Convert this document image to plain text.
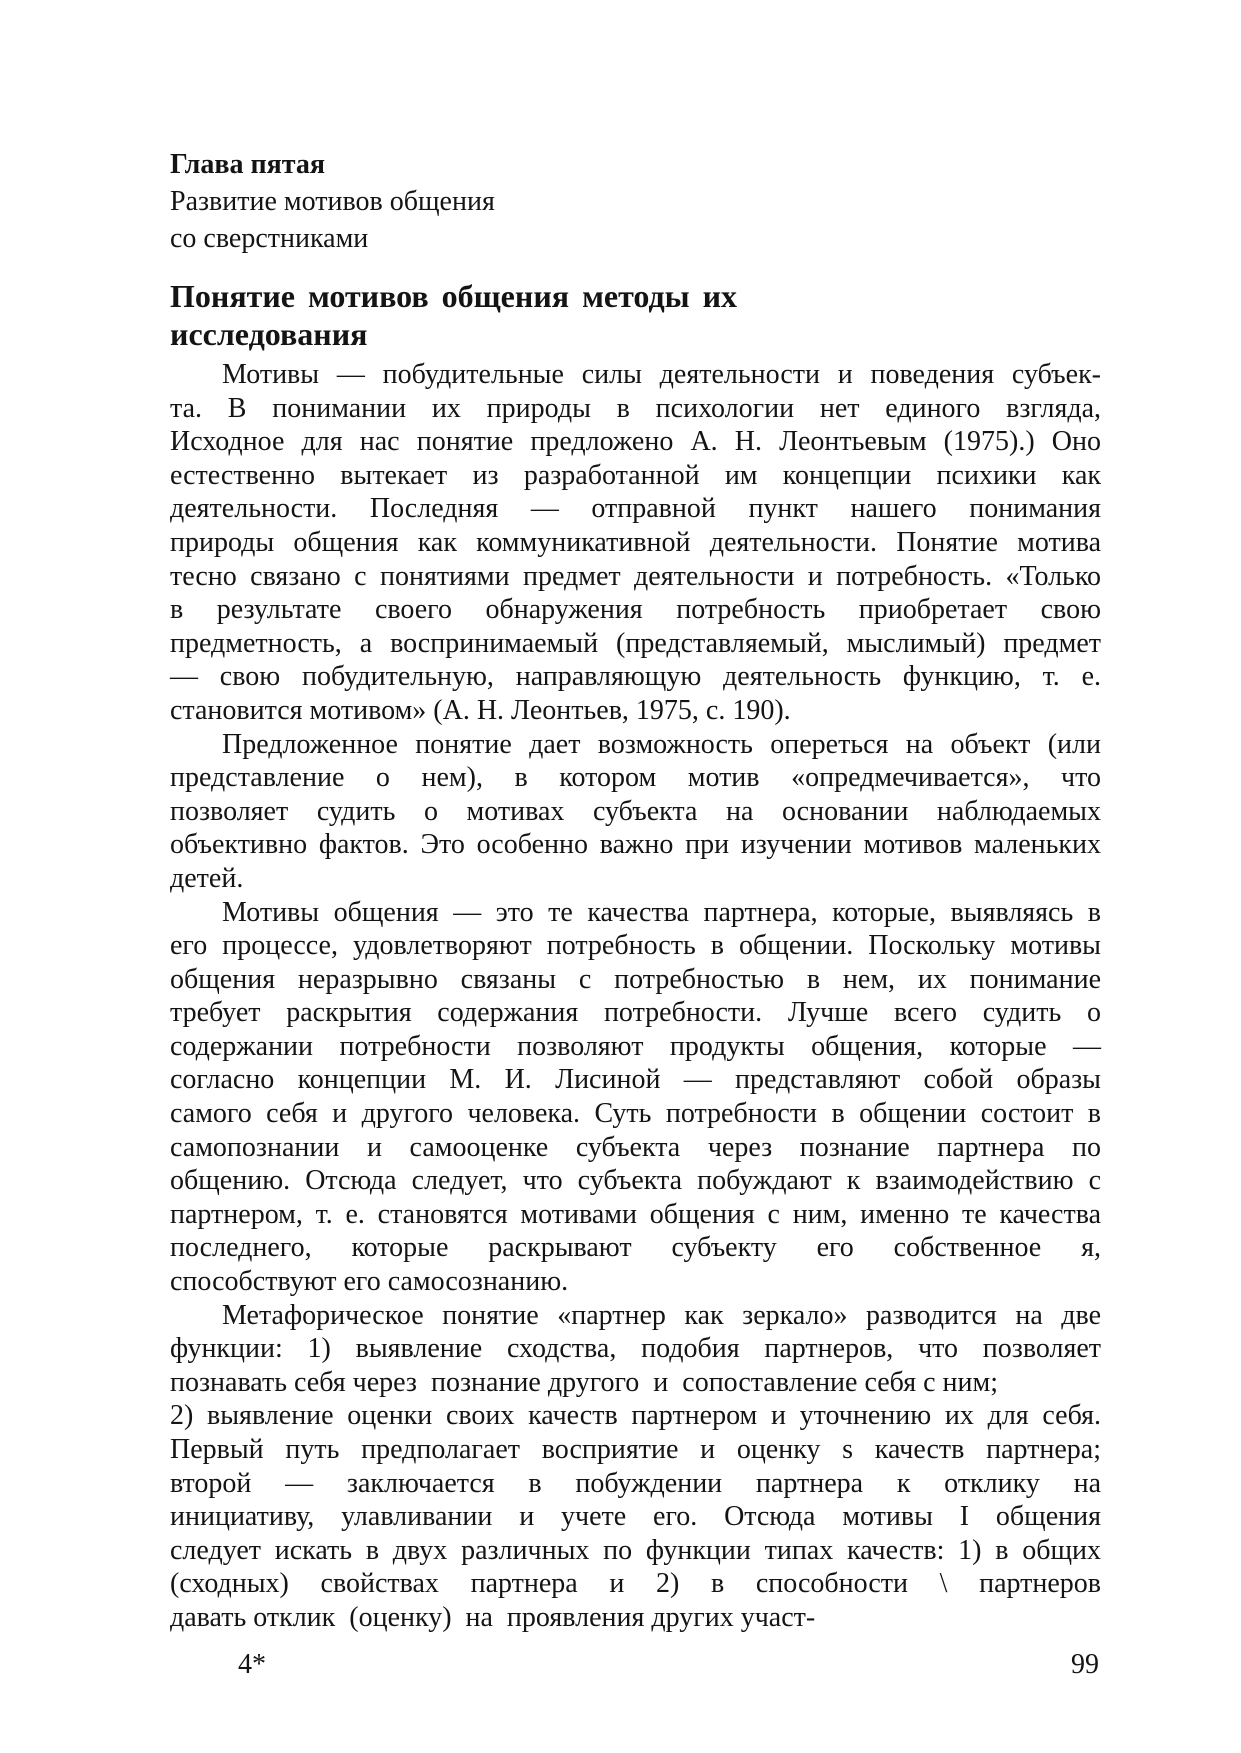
Глава пятая
Развитие мотивов общения
со сверстниками
Понятие мотивов общения методы их
исследования
Мотивы — побудительные силы деятельности и поведения субъек-
та. В понимании их природы в психологии нет единого взгляда,
Исходное для нас понятие предложено А. Н. Леонтьевым (1975).) Оно
естественно вытекает из разработанной им концепции психики как
деятельности. Последняя — отправной пункт нашего понимания
природы общения как коммуникативной деятельности. Понятие мотива
тесно связано с понятиями предмет деятельности и потребность. «Только
в результате своего обнаружения потребность приобретает свою
предметность, а воспринимаемый (представляемый, мыслимый) предмет
— свою побудительную, направляющую деятельность функцию, т. е.
становится мотивом» (А. Н. Леонтьев, 1975, с. 190).
Предложенное понятие дает возможность опереться на объект (или
представление о нем), в котором мотив «опредмечивается», что
позволяет судить о мотивах субъекта на основании наблюдаемых
объективно фактов. Это особенно важно при изучении мотивов маленьких
детей.
Мотивы общения — это те качества партнера, которые, выявляясь в
его процессе, удовлетворяют потребность в общении. Поскольку мотивы
общения неразрывно связаны с потребностью в нем, их понимание
требует раскрытия содержания потребности. Лучше всего судить о
содержании потребности позволяют продукты общения, которые —
согласно концепции М. И. Лисиной — представляют собой образы
самого себя и другого человека. Суть потребности в общении состоит в
самопознании и самооценке субъекта через познание партнера по
общению. Отсюда следует, что субъекта побуждают к взаимодействию с
партнером, т. е. становятся мотивами общения с ним, именно те качества
последнего, которые раскрывают субъекту его собственное я,
способствуют его самосознанию.
Метафорическое понятие «партнер как зеркало» разводится на две
функции: 1) выявление сходства, подобия партнеров, что позволяет
познавать себя через  познание другого  и  сопоставление себя с ним;
2) выявление оценки своих качеств партнером и уточнению их для себя.
Первый путь предполагает восприятие и оценку s качеств партнера;
второй — заключается в побуждении партнера к отклику на
инициативу, улавливании и учете его. Отсюда мотивы I общения
следует искать в двух различных по функции типах качеств: 1) в общих
(сходных) свойствах партнера и 2) в способности \ партнеров
давать отклик  (оценку)  на  проявления других участ-
4*	99
